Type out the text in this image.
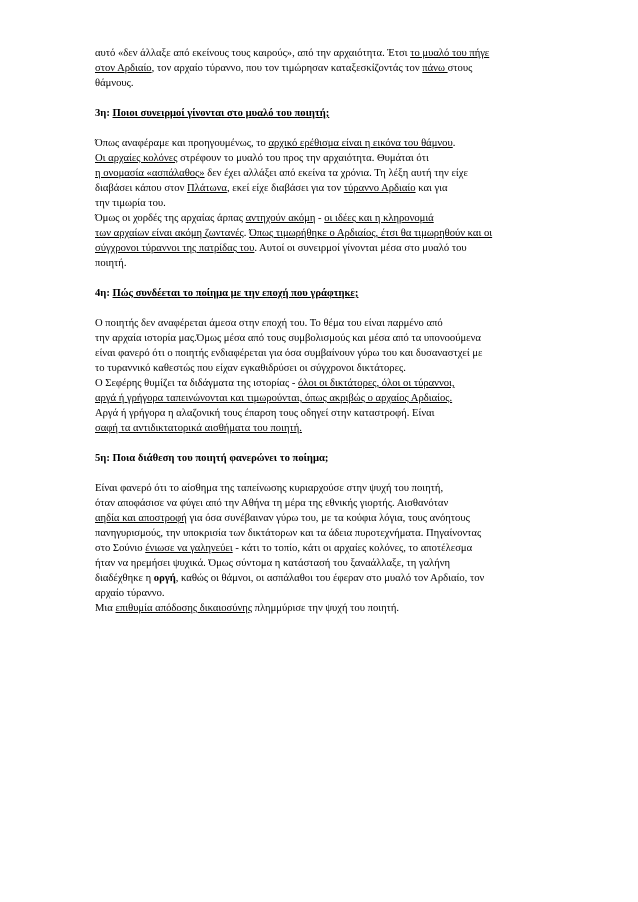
αυτό «δεν άλλαξε από εκείνους τους καιρούς», από την αρχαιότητα. Έτσι το μυαλό του πήγε
στον Αρδιαίο, τον αρχαίο τύραννο, που τον τιμώρησαν καταξεσκίζοντάς τον πάνω στους
θάμνους.
3η: Ποιοι συνειρμοί γίνονται στο μυαλό του ποιητή;
Όπως αναφέραμε και προηγουμένως, το αρχικό ερέθισμα είναι η εικόνα του θάμνου.
Οι αρχαίες κολόνες στρέφουν το μυαλό του προς την αρχαιότητα. Θυμάται ότι
η ονομασία «ασπάλαθος» δεν έχει αλλάξει από εκείνα τα χρόνια. Τη λέξη αυτή την είχε
διαβάσει κάπου στον Πλάτωνα, εκεί είχε διαβάσει για τον τύραννο Αρδιαίο και για
την τιμωρία του.
Όμως οι χορδές της αρχαίας άρπας αντηχούν ακόμη - οι ιδέες και η κληρονομιά
των αρχαίων είναι ακόμη ζωντανές. Όπως τιμωρήθηκε ο Αρδιαίος, έτσι θα τιμωρηθούν και οι
σύγχρονοι τύραννοι της πατρίδας του. Αυτοί οι συνειρμοί γίνονται μέσα στο μυαλό του
ποιητή.
4η: Πώς συνδέεται το ποίημα με την εποχή που γράφτηκε;
Ο ποιητής δεν αναφέρεται άμεσα στην εποχή του. Το θέμα του είναι παρμένο από
την αρχαία ιστορία μας.Όμως μέσα από τους συμβολισμούς και μέσα από τα υπονοούμενα
είναι φανερό ότι ο ποιητής ενδιαφέρεται για όσα συμβαίνουν γύρω του και δυσαναστχεί με
το τυραννικό καθεστώς που είχαν εγκαθιδρύσει οι σύγχρονοι δικτάτορες.
Ο Σεφέρης θυμίζει τα διδάγματα της ιστορίας - όλοι οι δικτάτορες, όλοι οι τύραννοι,
αργά ή γρήγορα ταπεινώνονται και τιμωρούνται, όπως ακριβώς ο αρχαίος Αρδιαίος.
Αργά ή γρήγορα η αλαζονική τους έπαρση τους οδηγεί στην καταστροφή. Είναι
σαφή τα αντιδικτατορικά αισθήματα του ποιητή.
5η: Ποια διάθεση του ποιητή φανερώνει το ποίημα;
Είναι φανερό ότι το αίσθημα της ταπείνωσης κυριαρχούσε στην ψυχή του ποιητή,
όταν αποφάσισε να φύγει από την Αθήνα τη μέρα της εθνικής γιορτής. Αισθανόταν
αηδία και αποστροφή για όσα συνέβαιναν γύρω του, με τα κούφια λόγια, τους ανόητους
πανηγυρισμούς, την υποκρισία των δικτάτορων και τα άδεια πυροτεχνήματα. Πηγαίνοντας
στο Σούνιο ένιωσε να γαληνεύει - κάτι το τοπίο, κάτι οι αρχαίες κολόνες, το αποτέλεσμα
ήταν να ηρεμήσει ψυχικά. Όμως σύντομα η κατάστασή του ξαναάλλαξε, τη γαλήνη
διαδέχθηκε η οργή, καθώς οι θάμνοι, οι ασπάλαθοι του έφεραν στο μυαλό τον Αρδιαίο, τον
αρχαίο τύραννο.
Μια επιθυμία απόδοσης δικαιοσύνης πλημμύρισε την ψυχή του ποιητή.
